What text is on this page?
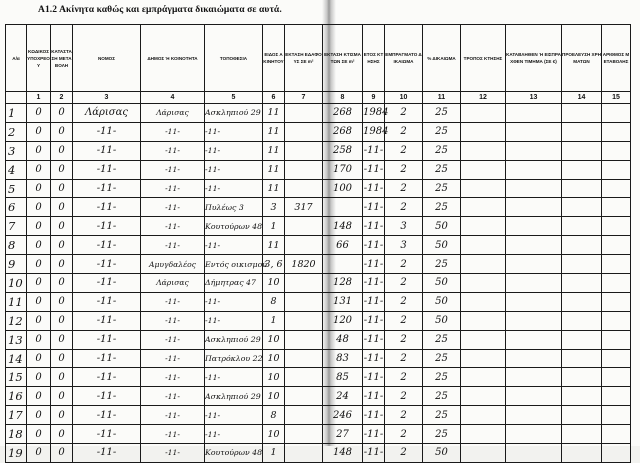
Α1.2 Ακίνητα καθώς και εμπράγματα δικαιώματα σε αυτά.
Α/α	ΚΩΔΙΚΟΣ ΥΠΟΧΡΕΟΥ	ΚΑΤΑΣΤΑΣΗ ΜΕΤΑΒΟΛΗ	ΝΟΜΟΣ	ΔΗΜΟΣ Ή ΚΟΙΝΟΤΗΤΑ	ΤΟΠΟΘΕΣΙΑ	ΕΙΔΟΣ ΑΚΙΝΗΤΟΥ	ΕΚΤΑΣΗ ΕΔΑΦΟΥΣ ΣΕ m²	ΕΚΤΑΣΗ ΚΤΙΣΜΑΤΩΝ ΣΕ m²	ΕΤΟΣ ΚΤΗΣΗΣ	ΕΜΠΡΑΓΜΑΤΟ ΔΙΚΑΙΩΜΑ	% ΔΙΚΑΙΩΜΑ	ΤΡΟΠΟΣ ΚΤΗΣΗΣ	ΚΑΤΑΒΛΗΘΕΝ Ή ΕΙΣΠΡΑΧΘΕΝ ΤΙΜΗΜΑ (ΣΕ €)	ΠΡΟΕΛΕΥΣΗ ΧΡΗΜΑΤΩΝ	ΑΡΙΘΜΟΣ ΜΕΤΑΒΟΛΗΣ
	1	2	3	4	5	6	7	8	9	10	11	12	13	14	15
1	0	0	Λάρισας	Λάρισας	Ασκληπιού 29	11		268	1984	2	25				
2	0	0	-11-	-11-	-11-	11		268	1984	2	25				
3	0	0	-11-	-11-	-11-	11		258	-11-	2	25				
4	0	0	-11-	-11-	-11-	11		170	-11-	2	25				
5	0	0	-11-	-11-	-11-	11		100	-11-	2	25				
6	0	0	-11-	-11-	Πυλέως 3	3	317		-11-	2	25				
7	0	0	-11-	-11-	Κουτούρων 48	1		148	-11-	3	50				
8	0	0	-11-	-11-	-11-	11		66	-11-	3	50				
9	0	0	-11-	Αμυγδαλέος	Εντός οικισμού	3, 6	1820		-11-	2	25				
10	0	0	-11-	Λάρισας	Δήμητρας 47	10		128	-11-	2	50				
11	0	0	-11-	-11-	-11-	8		131	-11-	2	50				
12	0	0	-11-	-11-	-11-	1		120	-11-	2	50				
13	0	0	-11-	-11-	Ασκληπιού 29	10		48	-11-	2	25				
14	0	0	-11-	-11-	Πατρόκλου 22	10		83	-11-	2	25				
15	0	0	-11-	-11-	-11-	10		85	-11-	2	25				
16	0	0	-11-	-11-	Ασκληπιού 29	10		24	-11-	2	25				
17	0	0	-11-	-11-	-11-	8		246	-11-	2	25				
18	0	0	-11-	-11-	-11-	10		27	-11-	2	25				
19	0	0	-11-	-11-	Κουτούρων 48	1		148	-11-	2	50				
